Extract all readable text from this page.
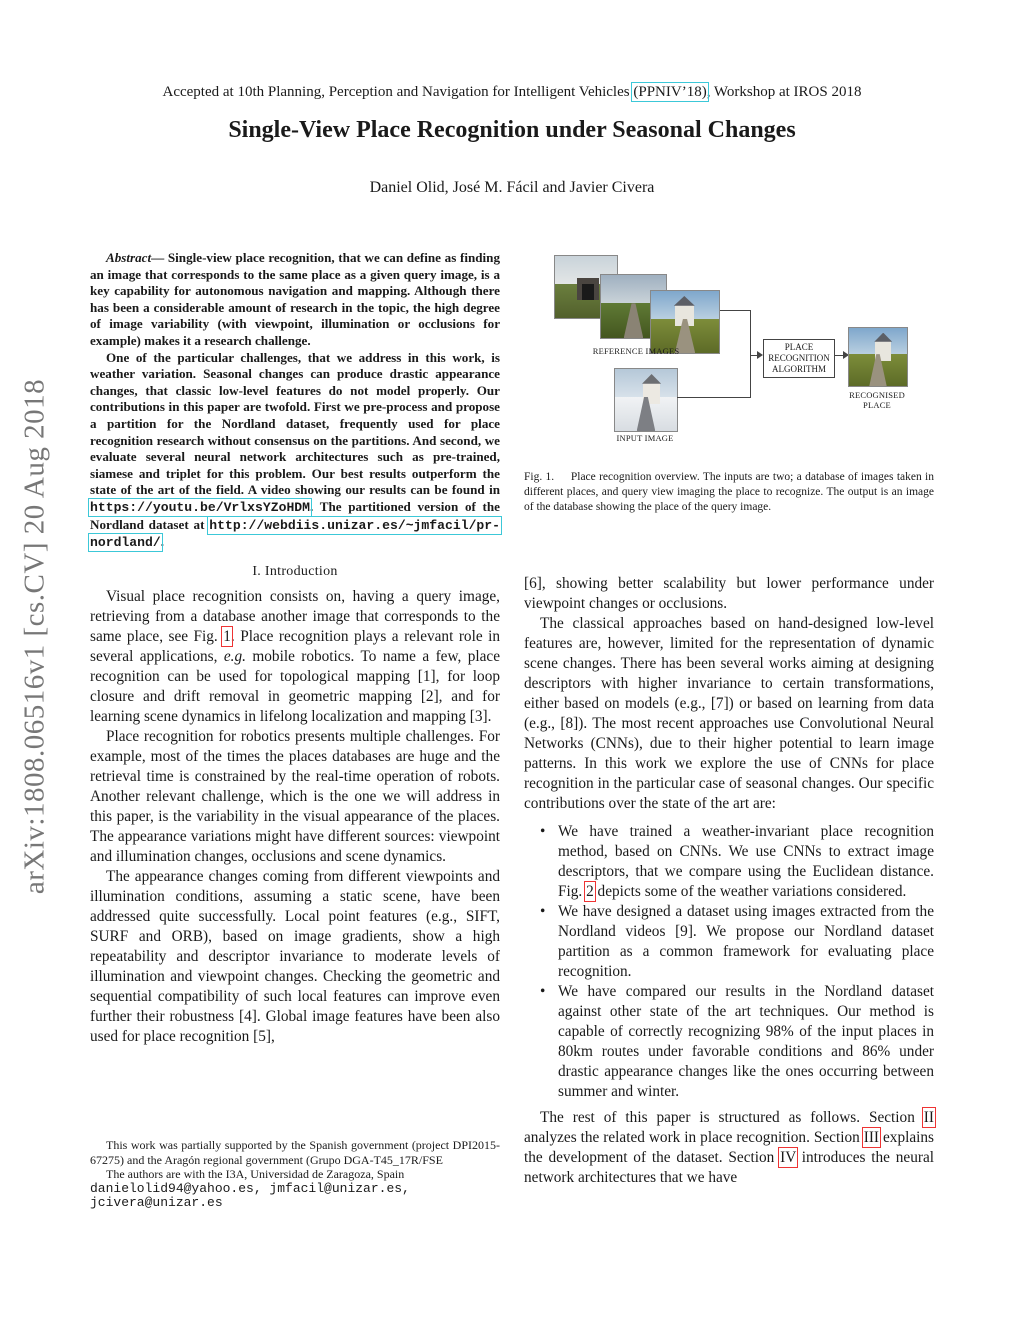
Accepted at 10th Planning, Perception and Navigation for Intelligent Vehicles (PPNIV’18), Workshop at IROS 2018
Single-View Place Recognition under Seasonal Changes
Daniel Olid, José M. Fácil and Javier Civera
arXiv:1808.06516v1 [cs.CV] 20 Aug 2018

Abstract— Single-view place recognition, that we can define as finding an image that corresponds to the same place as a given query image, is a key capability for autonomous navigation and mapping. Although there has been a considerable amount of research in the topic, the high degree of image variability (with viewpoint, illumination or occlusions for example) makes it a research challenge.

One of the particular challenges, that we address in this work, is weather variation. Seasonal changes can produce drastic appearance changes, that classic low-level features do not model properly. Our contributions in this paper are twofold. First we pre-process and propose a partition for the Nordland dataset, frequently used for place recognition research without consensus on the partitions. And second, we evaluate several neural network architectures such as pre-trained, siamese and triplet for this problem. Our best results outperform the state of the art of the field. A video showing our results can be found in https://youtu.be/VrlxsYZoHDM. The partitioned version of the Nordland dataset at http://webdiis.unizar.es/~jmfacil/pr-nordland/.

I. Introduction

Visual place recognition consists on, having a query image, retrieving from a database another image that corresponds to the same place, see Fig. 1. Place recognition plays a relevant role in several applications, e.g. mobile robotics. To name a few, place recognition can be used for topological mapping [1], for loop closure and drift removal in geometric mapping [2], and for learning scene dynamics in lifelong localization and mapping [3].

Place recognition for robotics presents multiple challenges. For example, most of the times the places databases are huge and the retrieval time is constrained by the real-time operation of robots. Another relevant challenge, which is the one we will address in this paper, is the variability in the visual appearance of the places. The appearance variations might have different sources: viewpoint and illumination changes, occlusions and scene dynamics.

The appearance changes coming from different viewpoints and illumination conditions, assuming a static scene, have been addressed quite successfully. Local point features (e.g., SIFT, SURF and ORB), based on image gradients, show a high repeatability and descriptor invariance to moderate levels of illumination and viewpoint changes. Checking the geometric and sequential compatibility of such local features can improve even further their robustness [4]. Global image features have been also used for place recognition [5],

This work was partially supported by the Spanish government (project DPI2015-67275) and the Aragón regional government (Grupo DGA-T45_17R/FSE

The authors are with the I3A, Universidad de Zaragoza, Spain

danielolid94@yahoo.es, jmfacil@unizar.es, jcivera@unizar.es
REFERENCE IMAGES
INPUT IMAGE
PLACE RECOGNITION ALGORITHM
RECOGNISED PLACE
Fig. 1. Place recognition overview. The inputs are two; a database of images taken in different places, and query view imaging the place to recognize. The output is an image of the database showing the place of the query image.

[6], showing better scalability but lower performance under viewpoint changes or occlusions.

The classical approaches based on hand-designed low-level features are, however, limited for the representation of dynamic scene changes. There has been several works aiming at designing descriptors with higher invariance to certain transformations, either based on models (e.g., [7]) or based on learning from data (e.g., [8]). The most recent approaches use Convolutional Neural Networks (CNNs), due to their higher potential to learn image patterns. In this work we explore the use of CNNs for place recognition in the particular case of seasonal changes. Our specific contributions over the state of the art are:

• We have trained a weather-invariant place recognition method, based on CNNs. We use CNNs to extract image descriptors, that we compare using the Euclidean distance. Fig. 2 depicts some of the weather variations considered.
• We have designed a dataset using images extracted from the Nordland videos [9]. We propose our Nordland dataset partition as a common framework for evaluating place recognition.
• We have compared our results in the Nordland dataset against other state of the art techniques. Our method is capable of correctly recognizing 98% of the input places in 80km routes under favorable conditions and 86% under drastic appearance changes like the ones occurring between summer and winter.

The rest of this paper is structured as follows. Section II analyzes the related work in place recognition. Section III explains the development of the dataset. Section IV introduces the neural network architectures that we have
